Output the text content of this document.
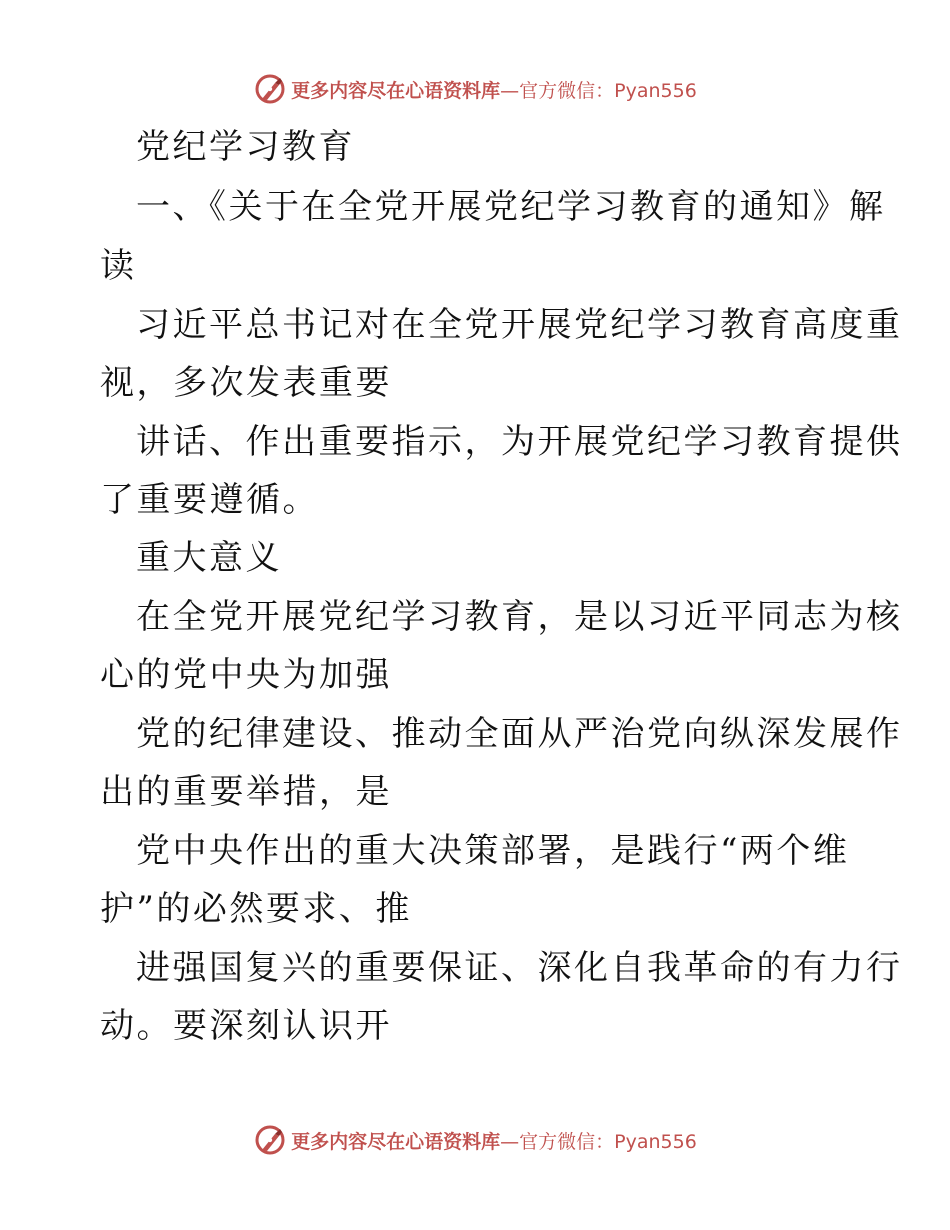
更多内容尽在心语资料库 —官方微信：Pyan556
党纪学习教育
一、《关于在全党开展党纪学习教育的通知》解
读
习近平总书记对在全党开展党纪学习教育高度重
视，多次发表重要
讲话、作出重要指示，为开展党纪学习教育提供
了重要遵循。
重大意义
在全党开展党纪学习教育，是以习近平同志为核
心的党中央为加强
党的纪律建设、推动全面从严治党向纵深发展作
出的重要举措，是
党中央作出的重大决策部署，是践行“两个维
护”的必然要求、推
进强国复兴的重要保证、深化自我革命的有力行
动。要深刻认识开
更多内容尽在心语资料库 —官方微信：Pyan556
